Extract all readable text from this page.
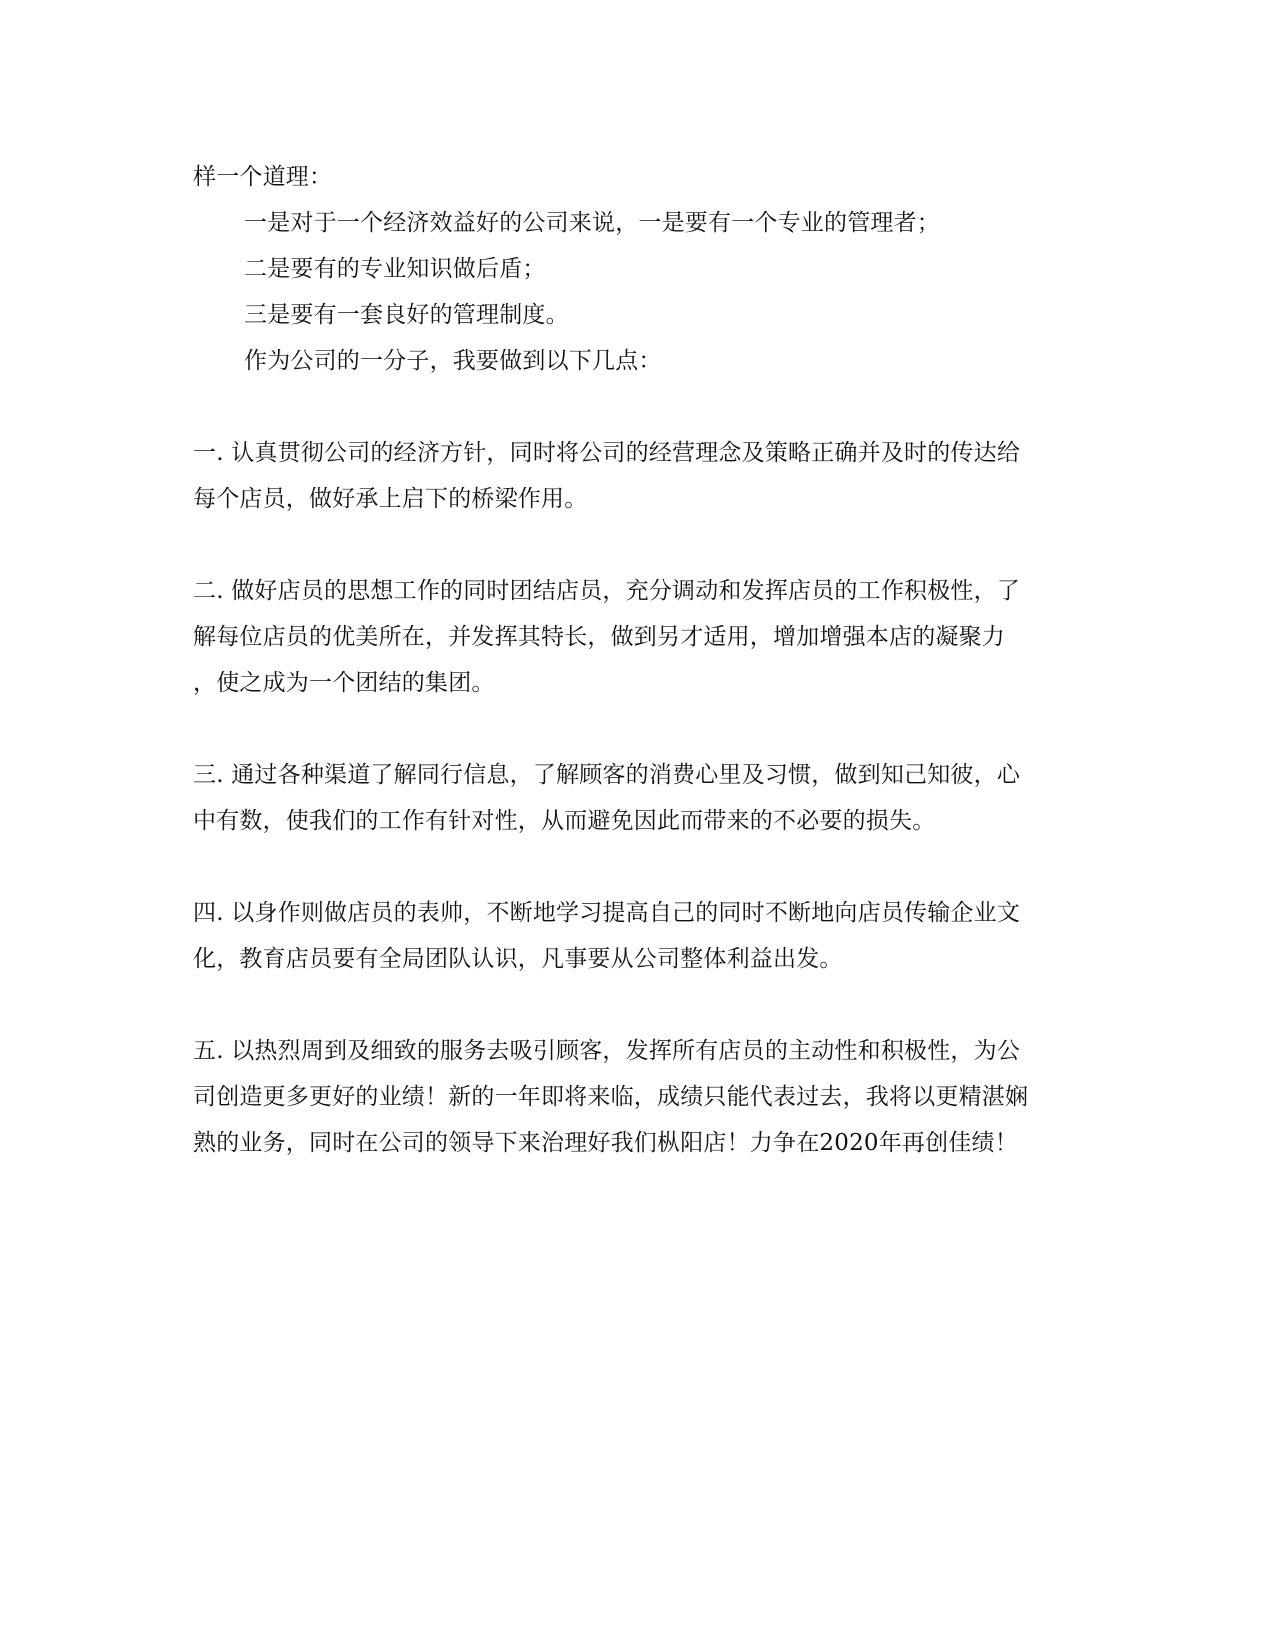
样一个道理：
一是对于一个经济效益好的公司来说，一是要有一个专业的管理者；
二是要有的专业知识做后盾；
三是要有一套良好的管理制度。
作为公司的一分子，我要做到以下几点：
一. 认真贯彻公司的经济方针，同时将公司的经营理念及策略正确并及时的传达给
每个店员，做好承上启下的桥梁作用。
二. 做好店员的思想工作的同时团结店员，充分调动和发挥店员的工作积极性，了
解每位店员的优美所在，并发挥其特长，做到另才适用，增加增强本店的凝聚力
，使之成为一个团结的集团。
三. 通过各种渠道了解同行信息，了解顾客的消费心里及习惯，做到知己知彼，心
中有数，使我们的工作有针对性，从而避免因此而带来的不必要的损失。
四. 以身作则做店员的表帅，不断地学习提高自己的同时不断地向店员传输企业文
化，教育店员要有全局团队认识，凡事要从公司整体利益出发。
五. 以热烈周到及细致的服务去吸引顾客，发挥所有店员的主动性和积极性，为公
司创造更多更好的业绩！新的一年即将来临，成绩只能代表过去，我将以更精湛娴
熟的业务，同时在公司的领导下来治理好我们枞阳店！力争在2020年再创佳绩！
